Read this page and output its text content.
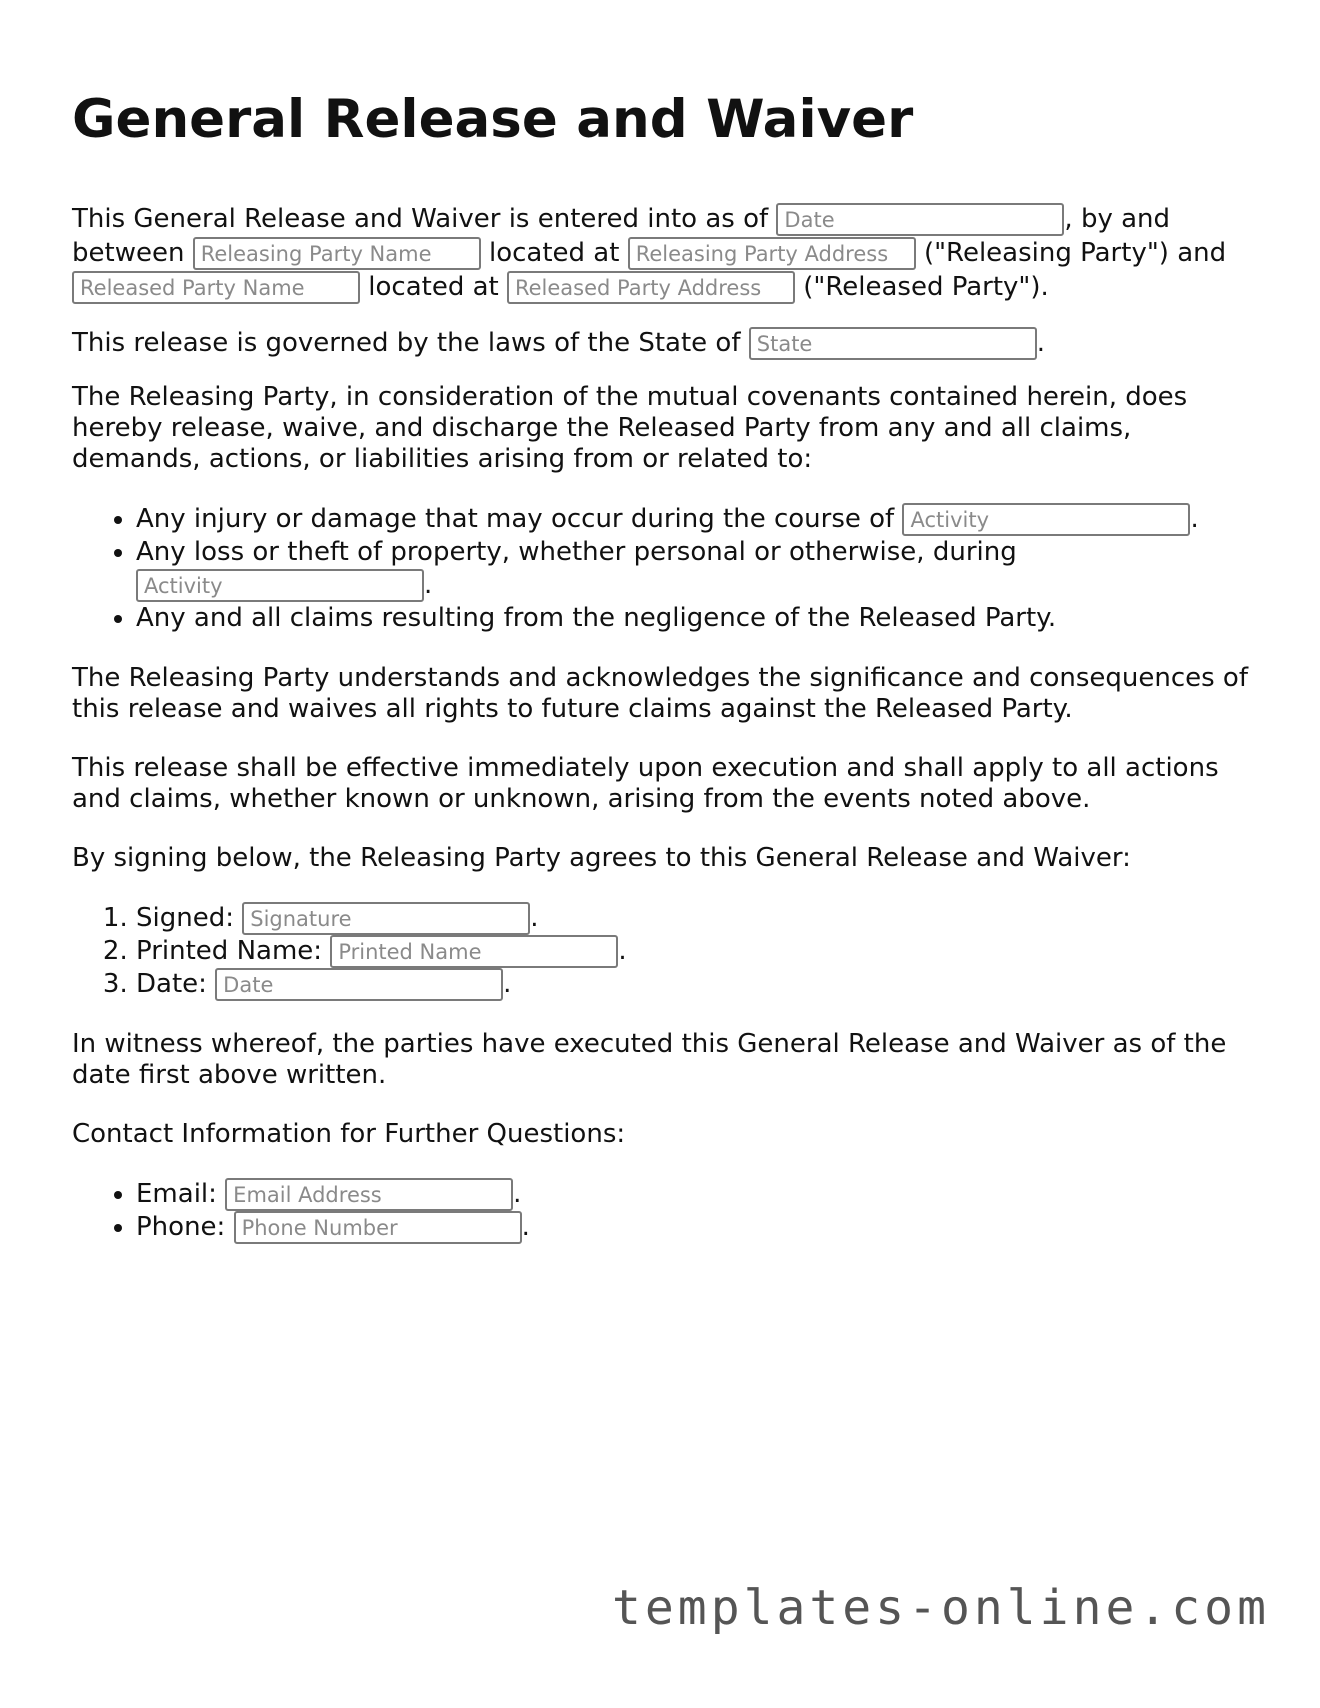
General Release and Waiver

This General Release and Waiver is entered into as of Date	, by and between Releasing Party Name	located at Releasing Party Address	("Releasing Party") and Released Party Name located at Released Party Address	("Released Party").

This release is governed by the laws of the State of State	.

The Releasing Party, in consideration of the mutual covenants contained herein, does hereby release, waive, and discharge the Released Party from any and all claims, demands, actions, or liabilities arising from or related to:

• Any injury or damage that may occur during the course of Activity	.
• Any loss or theft of property, whether personal or otherwise, during Activity.
• Any and all claims resulting from the negligence of the Released Party.

The Releasing Party understands and acknowledges the significance and consequences of this release and waives all rights to future claims against the Released Party.

This release shall be effective immediately upon execution and shall apply to all actions and claims, whether known or unknown, arising from the events noted above.

By signing below, the Releasing Party agrees to this General Release and Waiver:

1. Signed: Signature	.
2. Printed Name: Printed Name	.
3. Date: Date	.

In witness whereof, the parties have executed this General Release and Waiver as of the date first above written.

Contact Information for Further Questions:

• Email: Email Address	.
• Phone: Phone Number	.
templates-online.com
